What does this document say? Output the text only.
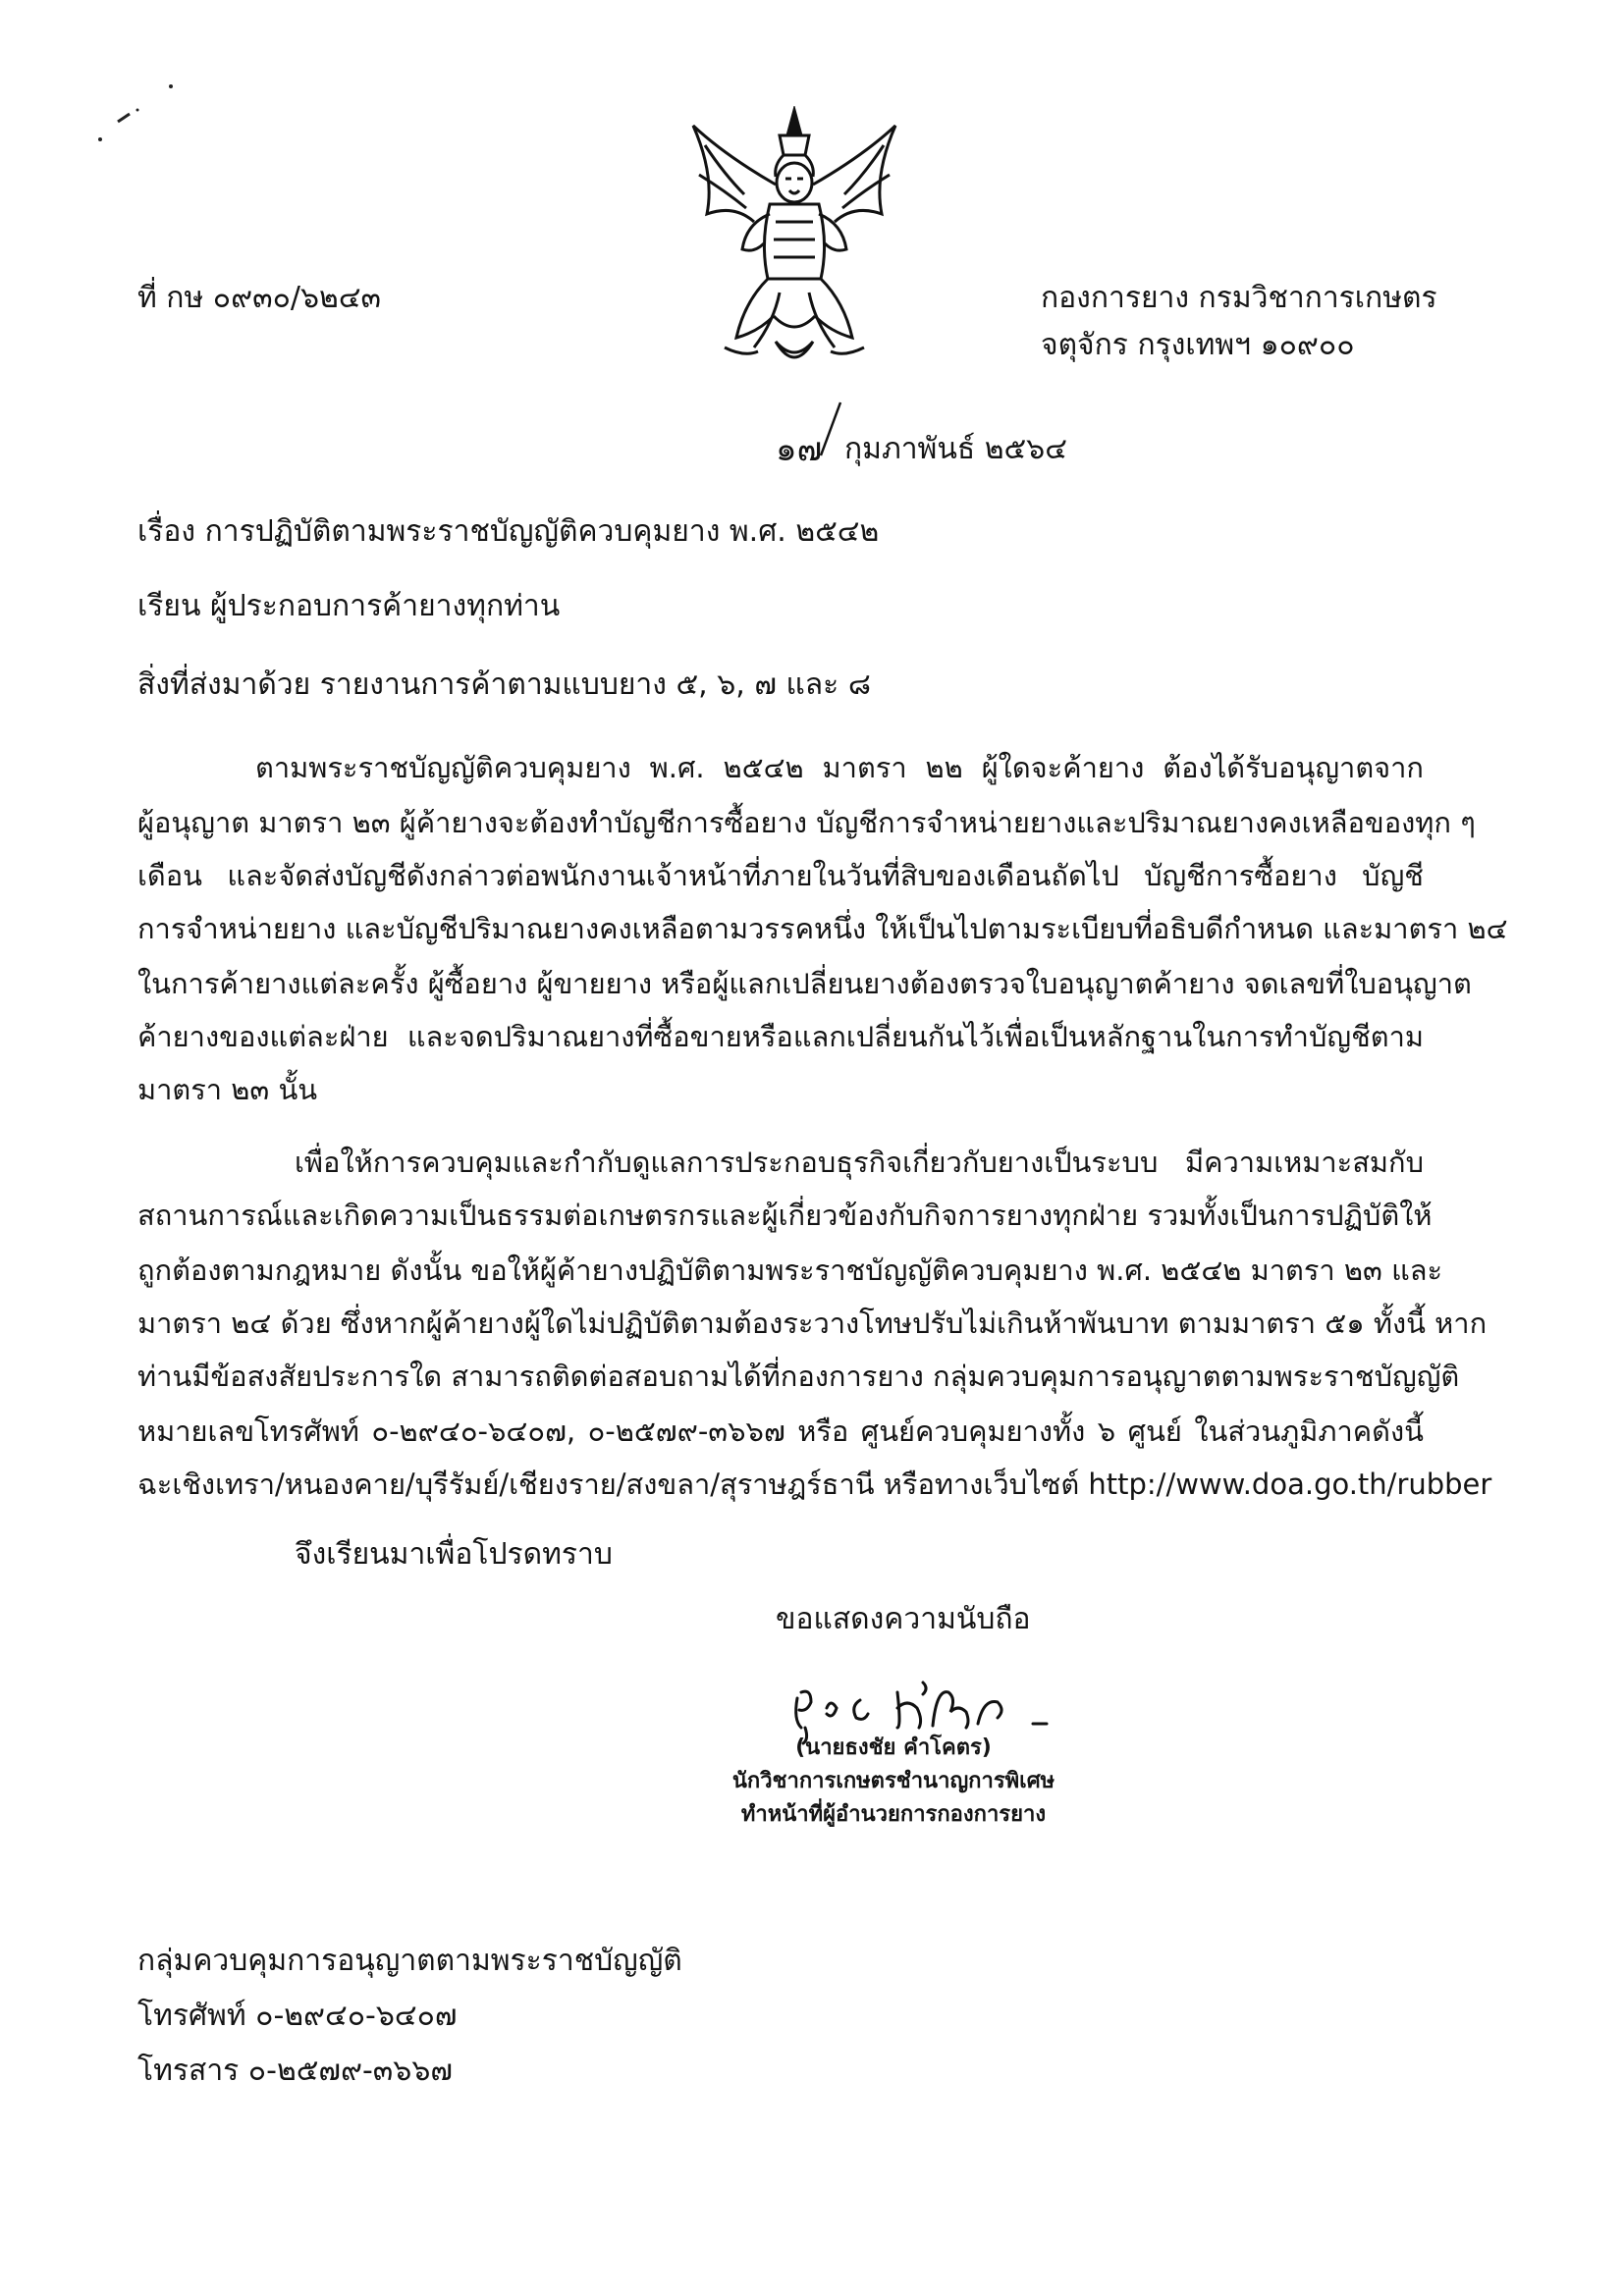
ที่ กษ ๐๙๓๐/๖๒๔๓	กองการยาง กรมวิชาการเกษตร
จตุจักร กรุงเทพฯ ๑๐๙๐๐
๑๗ กุมภาพันธ์ ๒๕๖๔
เรื่อง การปฏิบัติตามพระราชบัญญัติควบคุมยาง พ.ศ. ๒๕๔๒
เรียน ผู้ประกอบการค้ายางทุกท่าน
สิ่งที่ส่งมาด้วย รายงานการค้าตามแบบยาง ๕, ๖, ๗ และ ๘
ตามพระราชบัญญัติควบคุมยาง พ.ศ. ๒๕๔๒ มาตรา ๒๒ ผู้ใดจะค้ายาง ต้องได้รับอนุญาตจาก
ผู้อนุญาต มาตรา ๒๓ ผู้ค้ายางจะต้องทำบัญชีการซื้อยาง บัญชีการจำหน่ายยางและปริมาณยางคงเหลือของทุก ๆ
เดือน และจัดส่งบัญชีดังกล่าวต่อพนักงานเจ้าหน้าที่ภายในวันที่สิบของเดือนถัดไป บัญชีการซื้อยาง บัญชี
การจำหน่ายยาง และบัญชีปริมาณยางคงเหลือตามวรรคหนึ่ง ให้เป็นไปตามระเบียบที่อธิบดีกำหนด และมาตรา ๒๔
ในการค้ายางแต่ละครั้ง ผู้ซื้อยาง ผู้ขายยาง หรือผู้แลกเปลี่ยนยางต้องตรวจใบอนุญาตค้ายาง จดเลขที่ใบอนุญาต
ค้ายางของแต่ละฝ่าย และจดปริมาณยางที่ซื้อขายหรือแลกเปลี่ยนกันไว้เพื่อเป็นหลักฐานในการทำบัญชีตาม
มาตรา ๒๓ นั้น
เพื่อให้การควบคุมและกำกับดูแลการประกอบธุรกิจเกี่ยวกับยางเป็นระบบ มีความเหมาะสมกับ
สถานการณ์และเกิดความเป็นธรรมต่อเกษตรกรและผู้เกี่ยวข้องกับกิจการยางทุกฝ่าย รวมทั้งเป็นการปฏิบัติให้
ถูกต้องตามกฎหมาย ดังนั้น ขอให้ผู้ค้ายางปฏิบัติตามพระราชบัญญัติควบคุมยาง พ.ศ. ๒๕๔๒ มาตรา ๒๓ และ
มาตรา ๒๔ ด้วย ซึ่งหากผู้ค้ายางผู้ใดไม่ปฏิบัติตามต้องระวางโทษปรับไม่เกินห้าพันบาท ตามมาตรา ๕๑ ทั้งนี้ หาก
ท่านมีข้อสงสัยประการใด สามารถติดต่อสอบถามได้ที่กองการยาง กลุ่มควบคุมการอนุญาตตามพระราชบัญญัติ
หมายเลขโทรศัพท์ ๐-๒๙๔๐-๖๔๐๗, ๐-๒๕๗๙-๓๖๖๗ หรือ ศูนย์ควบคุมยางทั้ง ๖ ศูนย์ ในส่วนภูมิภาคดังนี้
ฉะเชิงเทรา/หนองคาย/บุรีรัมย์/เชียงราย/สงขลา/สุราษฎร์ธานี หรือทางเว็บไซต์ http://www.doa.go.th/rubber
จึงเรียนมาเพื่อโปรดทราบ
ขอแสดงความนับถือ
(นายธงชัย คำโคตร)
นักวิชาการเกษตรชำนาญการพิเศษ
ทำหน้าที่ผู้อำนวยการกองการยาง
กลุ่มควบคุมการอนุญาตตามพระราชบัญญัติ
โทรศัพท์ ๐-๒๙๔๐-๖๔๐๗
โทรสาร ๐-๒๕๗๙-๓๖๖๗
